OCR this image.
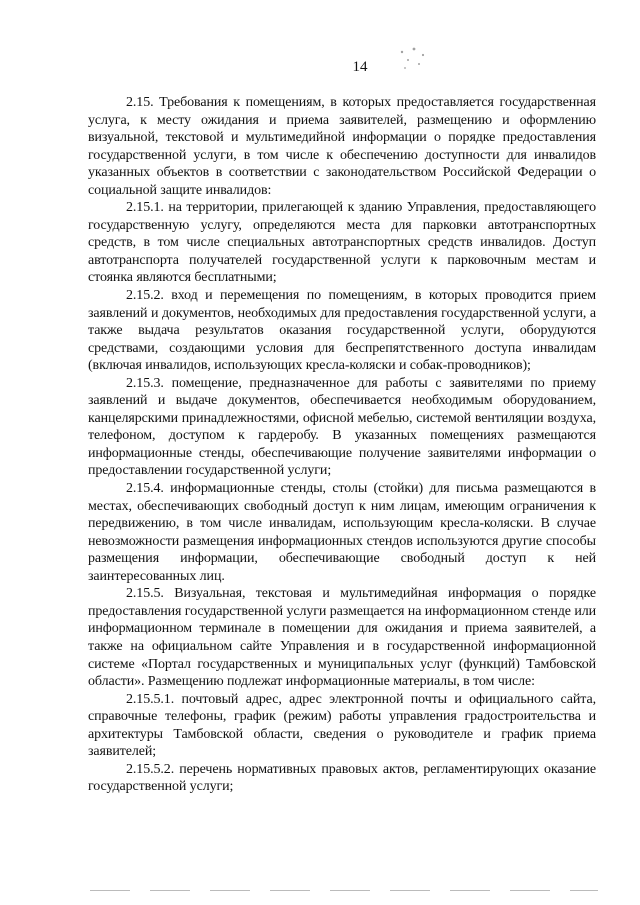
14

2.15. Требования к помещениям, в которых предоставляется государственная услуга, к месту ожидания и приема заявителей, размещению и оформлению визуальной, текстовой и мультимедийной информации о порядке предоставления государственной услуги, в том числе к обеспечению доступности для инвалидов указанных объектов в соответствии с законодательством Российской Федерации о социальной защите инвалидов:

2.15.1. на территории, прилегающей к зданию Управления, предоставляющего государственную услугу, определяются места для парковки автотранспортных средств, в том числе специальных автотранспортных средств инвалидов. Доступ автотранспорта получателей государственной услуги к парковочным местам и стоянка являются бесплатными;

2.15.2. вход и перемещения по помещениям, в которых проводится прием заявлений и документов, необходимых для предоставления государственной услуги, а также выдача результатов оказания государственной услуги, оборудуются средствами, создающими условия для беспрепятственного доступа инвалидам (включая инвалидов, использующих кресла-коляски и собак-проводников);

2.15.3. помещение, предназначенное для работы с заявителями по приему заявлений и выдаче документов, обеспечивается необходимым оборудованием, канцелярскими принадлежностями, офисной мебелью, системой вентиляции воздуха, телефоном, доступом к гардеробу. В указанных помещениях размещаются информационные стенды, обеспечивающие получение заявителями информации о предоставлении государственной услуги;

2.15.4. информационные стенды, столы (стойки) для письма размещаются в местах, обеспечивающих свободный доступ к ним лицам, имеющим ограничения к передвижению, в том числе инвалидам, использующим кресла-коляски. В случае невозможности размещения информационных стендов используются другие способы размещения информации, обеспечивающие свободный доступ к ней заинтересованных лиц.

2.15.5. Визуальная, текстовая и мультимедийная информация о порядке предоставления государственной услуги размещается на информационном стенде или информационном терминале в помещении для ожидания и приема заявителей, а также на официальном сайте Управления и в государственной информационной системе «Портал государственных и муниципальных услуг (функций) Тамбовской области». Размещению подлежат информационные материалы, в том числе:

2.15.5.1. почтовый адрес, адрес электронной почты и официального сайта, справочные телефоны, график (режим) работы управления градостроительства и архитектуры Тамбовской области, сведения о руководителе и график приема заявителей;

2.15.5.2. перечень нормативных правовых актов, регламентирующих оказание государственной услуги;
